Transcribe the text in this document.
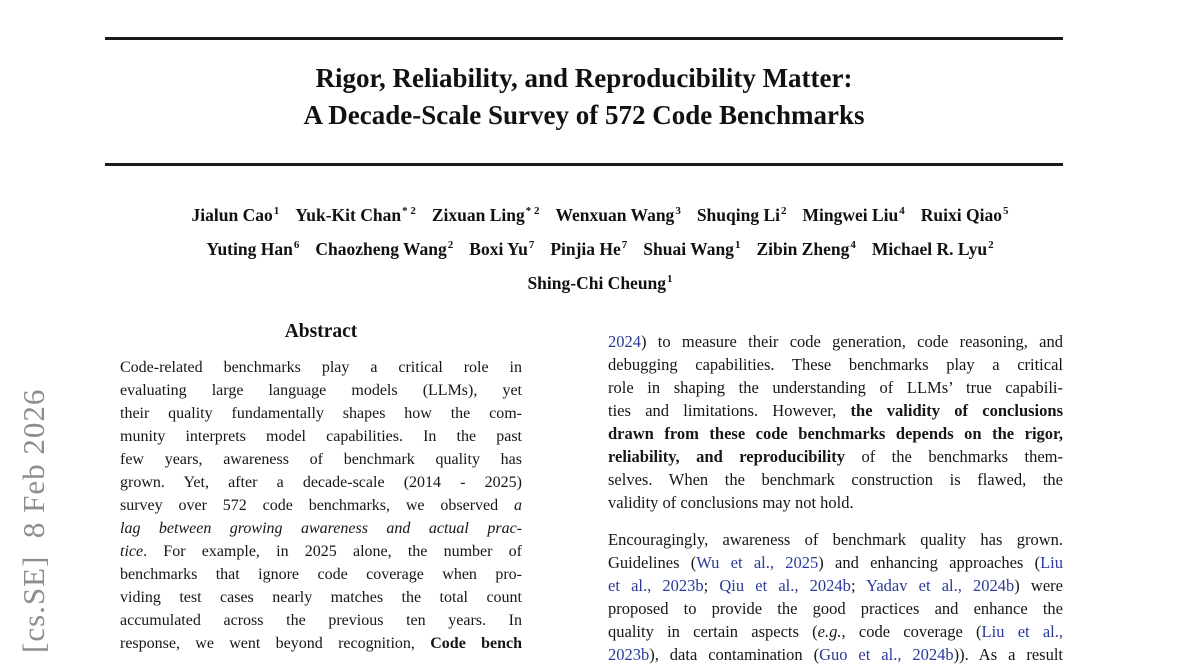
[cs.SE]  8 Feb 2026
Rigor, Reliability, and Reproducibility Matter:
A Decade-Scale Survey of 572 Code Benchmarks
Jialun Cao$^1$ Yuk-Kit Chan$^{* 2}$ Zixuan Ling$^{* 2}$ Wenxuan Wang$^3$ Shuqing Li$^2$ Mingwei Liu$^4$ Ruixi Qiao$^5$
Yuting Han$^6$ Chaozheng Wang$^2$ Boxi Yu$^7$ Pinjia He$^7$ Shuai Wang$^1$ Zibin Zheng$^4$ Michael R. Lyu$^2$
Shing-Chi Cheung$^1$
Abstract
Code-related benchmarks play a critical role in
evaluating large language models (LLMs), yet
their quality fundamentally shapes how the com-
munity interprets model capabilities. In the past
few years, awareness of benchmark quality has
grown. Yet, after a decade-scale (2014 - 2025)
survey over 572 code benchmarks, we observed a
lag between growing awareness and actual prac-
tice. For example, in 2025 alone, the number of
benchmarks that ignore code coverage when pro-
viding test cases nearly matches the total count
accumulated across the previous ten years. In
response, we went beyond recognition, Code bench
2024) to measure their code generation, code reasoning, and
debugging capabilities. These benchmarks play a critical
role in shaping the understanding of LLMs’ true capabili-
ties and limitations. However, the validity of conclusions
drawn from these code benchmarks depends on the rigor,
reliability, and reproducibility of the benchmarks them-
selves. When the benchmark construction is flawed, the
validity of conclusions may not hold.
Encouragingly, awareness of benchmark quality has grown.
Guidelines (Wu et al., 2025) and enhancing approaches (Liu
et al., 2023b; Qiu et al., 2024b; Yadav et al., 2024b) were
proposed to provide the good practices and enhance the
quality in certain aspects (e.g., code coverage (Liu et al.,
2023b), data contamination (Guo et al., 2024b)). As a result
